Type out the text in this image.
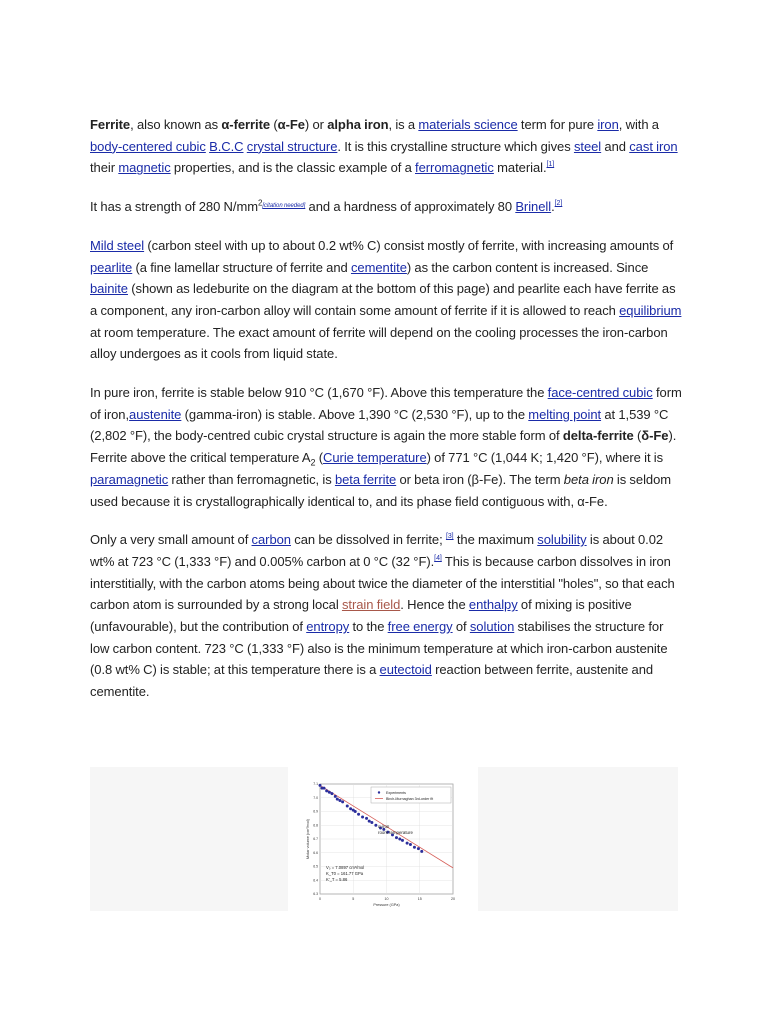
Ferrite, also known as α-ferrite (α-Fe) or alpha iron, is a materials science term for pure iron, with a body-centered cubic B.C.C crystal structure. It is this crystalline structure which gives steel and cast iron their magnetic properties, and is the classic example of a ferromagnetic material.[1]

It has a strength of 280 $N/mm^{2[citation needed]}$ and a hardness of approximately 80 Brinell.[2]

Mild steel (carbon steel with up to about 0.2 wt% C) consist mostly of ferrite, with increasing amounts of pearlite (a fine lamellar structure of ferrite and cementite) as the carbon content is increased. Since bainite (shown as ledeburite on the diagram at the bottom of this page) and pearlite each have ferrite as a component, any iron-carbon alloy will contain some amount of ferrite if it is allowed to reach equilibrium at room temperature. The exact amount of ferrite will depend on the cooling processes the iron-carbon alloy undergoes as it cools from liquid state.

In pure iron, ferrite is stable below 910 °C (1,670 °F). Above this temperature the face-centred cubic form of iron,austenite (gamma-iron) is stable. Above 1,390 °C (2,530 °F), up to the melting point at 1,539 °C (2,802 °F), the body-centred cubic crystal structure is again the more stable form of delta-ferrite (δ-Fe). Ferrite above the critical temperature $A_2$ (Curie temperature) of 771 °C (1,044 K; 1,420 °F), where it is paramagnetic rather than ferromagnetic, is beta ferrite or beta iron (β-Fe). The term beta iron is seldom used because it is crystallographically identical to, and its phase field contiguous with, α-Fe.

Only a very small amount of carbon can be dissolved in ferrite; [3] the maximum solubility is about 0.02 wt% at 723 °C (1,333 °F) and 0.005% carbon at 0 °C (32 °F).[4] This is because carbon dissolves in iron interstitially, with the carbon atoms being about twice the diameter of the interstitial "holes", so that each carbon atom is surrounded by a strong local strain field. Hence the enthalpy of mixing is positive (unfavourable), but the contribution of entropy to the free energy of solution stabilises the structure for low carbon content. 723 °C (1,333 °F) also is the minimum temperature at which iron-carbon austenite (0.8 wt% C) is stable; at this temperature there is a eutectoid reaction between ferrite, austenite and cementite.

0	5	10	15	20
6.3
6.4
6.5
6.6
6.7
6.8
6.9
7.0
7.1
Pressure (GPa)
Molar volume (cm³/mol)
Experiments
Birch-Murnaghan 3rd-order fit
α-iron
room temperature
V₀ = 7.0897 cm³/mol
K_T0 = 161.77 GPa
K′_T = 5.86
